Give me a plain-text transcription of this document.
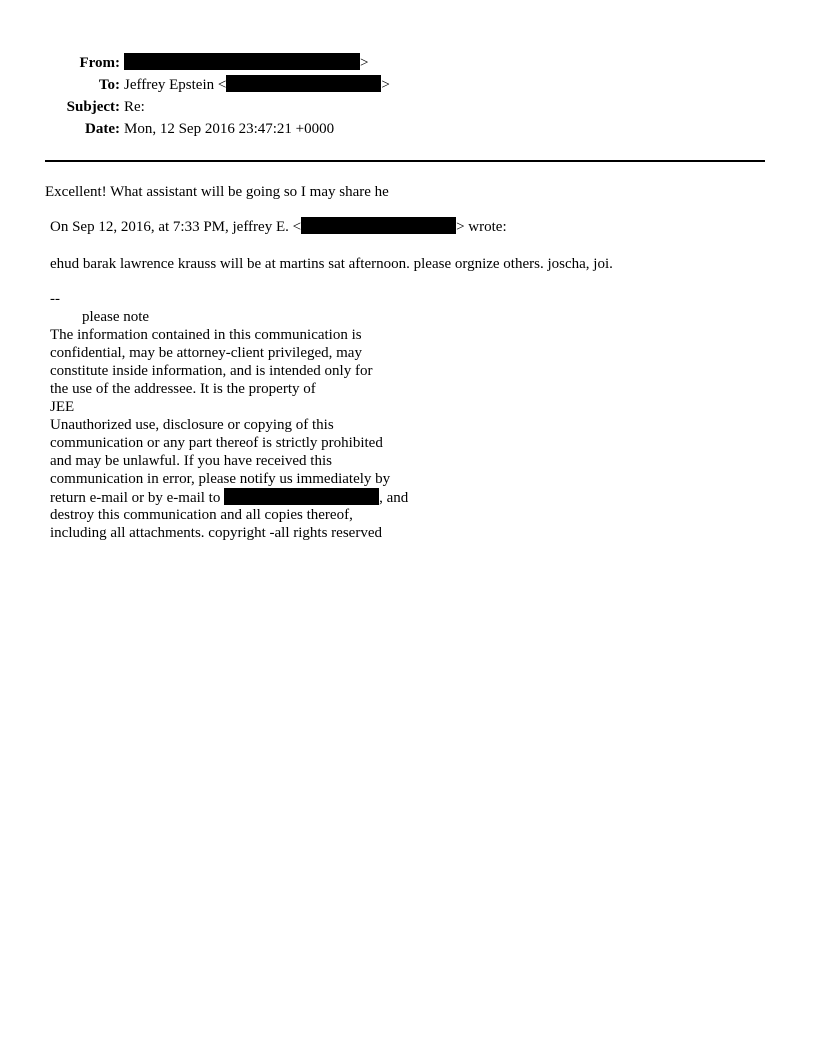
From:	>
To: Jeffrey Epstein <	>
Subject: Re:
Date: Mon, 12 Sep 2016 23:47:21 +0000
Excellent! What assistant will be going so I may share he
On Sep 12, 2016, at 7:33 PM, jeffrey E. <	> wrote:
ehud barak lawrence krauss will be at martins sat afternoon. please orgnize others. joscha, joi.
--
please note
The information contained in this communication is
confidential, may be attorney-client privileged, may
constitute inside information, and is intended only for
the use of the addressee. It is the property of
JEE
Unauthorized use, disclosure or copying of this
communication or any part thereof is strictly prohibited
and may be unlawful. If you have received this
communication in error, please notify us immediately by
return e-mail or by e-mail to	, and
destroy this communication and all copies thereof,
including all attachments. copyright -all rights reserved
